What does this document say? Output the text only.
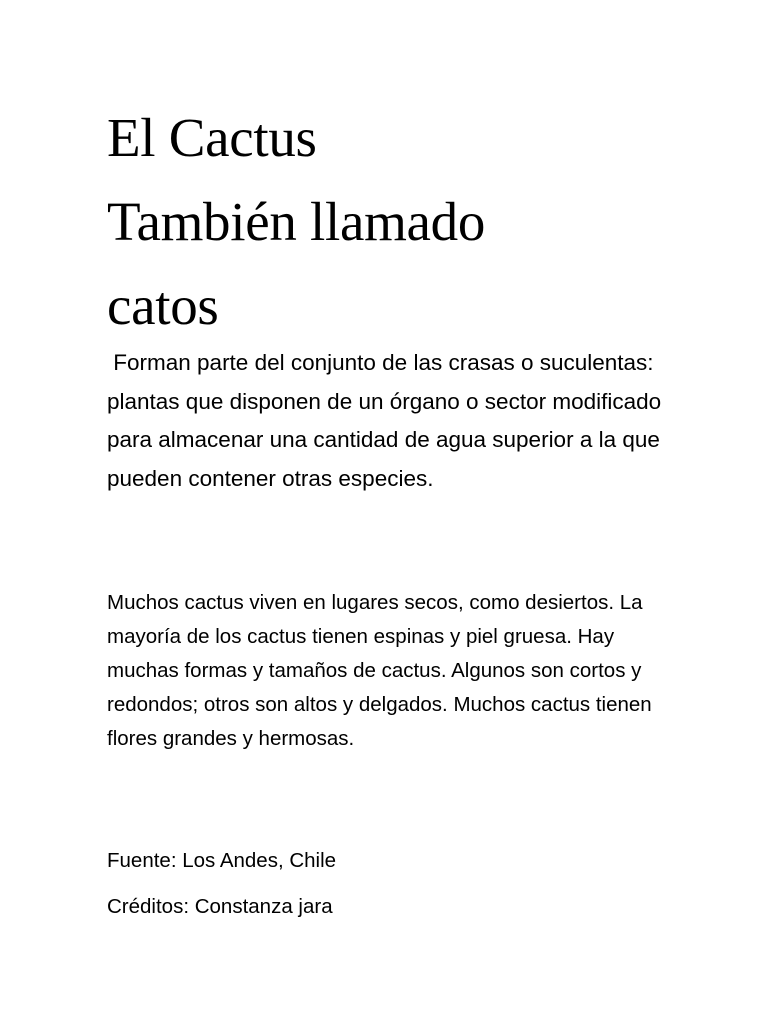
El Cactus
También llamado
catos

Forman parte del conjunto de las crasas o suculentas: plantas que disponen de un órgano o sector modificado para almacenar una cantidad de agua superior a la que pueden contener otras especies.

Muchos cactus viven en lugares secos, como desiertos. La mayoría de los cactus tienen espinas y piel gruesa. Hay muchas formas y tamaños de cactus. Algunos son cortos y redondos; otros son altos y delgados. Muchos cactus tienen flores grandes y hermosas.

Fuente: Los Andes, Chile

Créditos: Constanza jara
